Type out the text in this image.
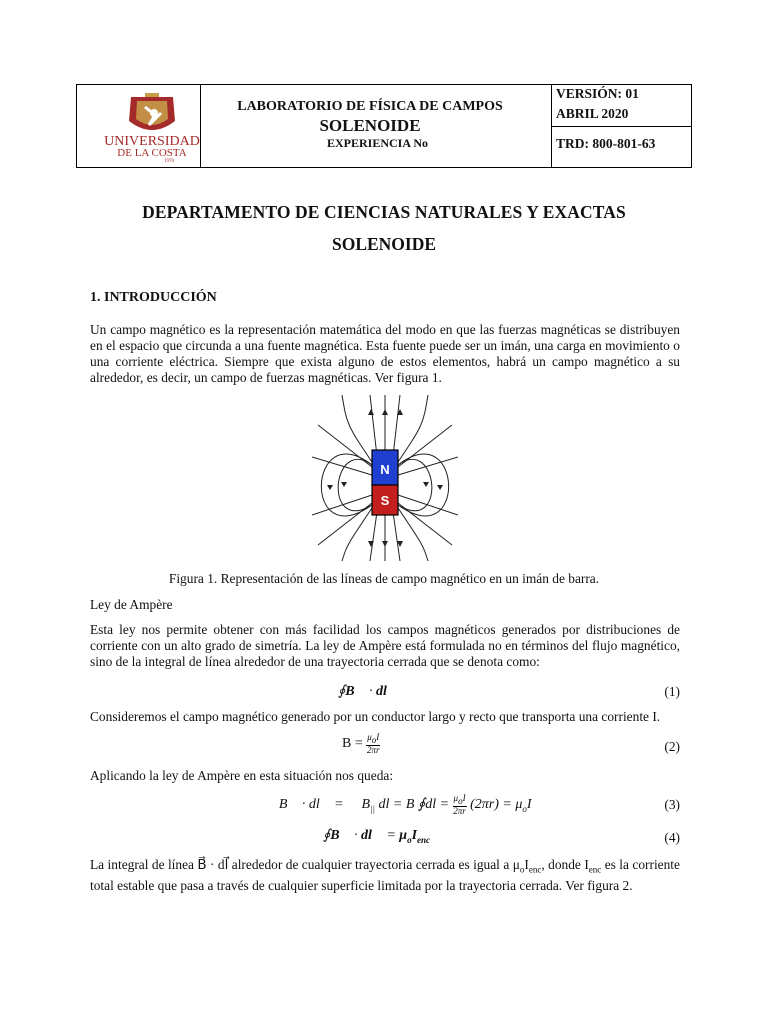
UNIVERSIDAD
DE LA COSTA
1970
LABORATORIO DE FÍSICA DE CAMPOS
SOLENOIDE
EXPERIENCIA No
VERSIÓN: 01
ABRIL 2020
TRD: 800-801-63
DEPARTAMENTO DE CIENCIAS NATURALES Y EXACTAS
SOLENOIDE
1. INTRODUCCIÓN

Un campo magnético es la representación matemática del modo en que las fuerzas magnéticas se distribuyen en el espacio que circunda a una fuente magnética. Esta fuente puede ser un imán, una carga en movimiento o una corriente eléctrica. Siempre que exista alguno de estos elementos, habrá un campo magnético a su alrededor, es decir, un campo de fuerzas magnéticas. Ver figura 1.

N
S
Figura 1. Representación de las líneas de campo magnético en un imán de barra.
Ley de Ampère

Esta ley nos permite obtener con más facilidad los campos magnéticos generados por distribuciones de corriente con un alto grado de simetría. La ley de Ampère está formulada no en términos del flujo magnético, sino de la integral de línea alrededor de una trayectoria cerrada que se denota como:

∮B⃗ · dl⃗	(1)
Consideremos el campo magnético generado por un conductor largo y recto que transporta una corriente I.
$B = \frac{\mu_oI}{2\pi r}$	(2)
Aplicando la ley de Ampère en esta situación nos queda:
∮B⃗ · dl⃗ = ∮ $B_{||}$ dl = B ∮dl = $\frac{\mu_oI}{2\pi r} (2\pi r) = \mu_oI$	(3)
∮B⃗ · dl⃗ = $\mu_oI_{enc}$	(4)

La integral de línea B⃗ · dl⃗ alrededor de cualquier trayectoria cerrada es igual a $\mu_oI_{enc}$, donde $I_{enc}$ es la corriente total estable que pasa a través de cualquier superficie limitada por la trayectoria cerrada. Ver figura 2.
